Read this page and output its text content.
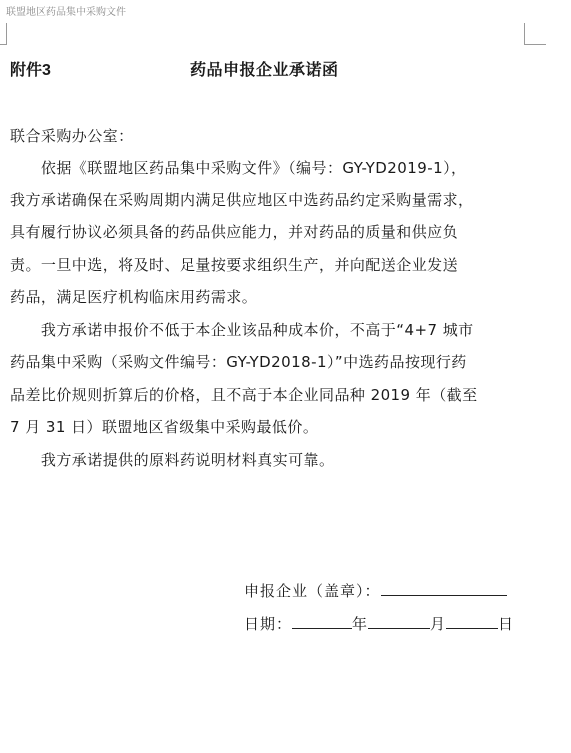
联盟地区药品集中采购文件
附件3	药品申报企业承诺函
联合采购办公室：
　　依据《联盟地区药品集中采购文件》（编号：GY-YD2019-1），
我方承诺确保在采购周期内满足供应地区中选药品约定采购量需求，
具有履行协议必须具备的药品供应能力，并对药品的质量和供应负
责。一旦中选，将及时、足量按要求组织生产，并向配送企业发送
药品，满足医疗机构临床用药需求。
　　我方承诺申报价不低于本企业该品种成本价，不高于“4+7 城市
药品集中采购（采购文件编号：GY-YD2018-1）”中选药品按现行药
品差比价规则折算后的价格，且不高于本企业同品种 2019 年（截至
7 月 31 日）联盟地区省级集中采购最低价。
　　我方承诺提供的原料药说明材料真实可靠。
申报企业（盖章）：
日期：	年	月	日
